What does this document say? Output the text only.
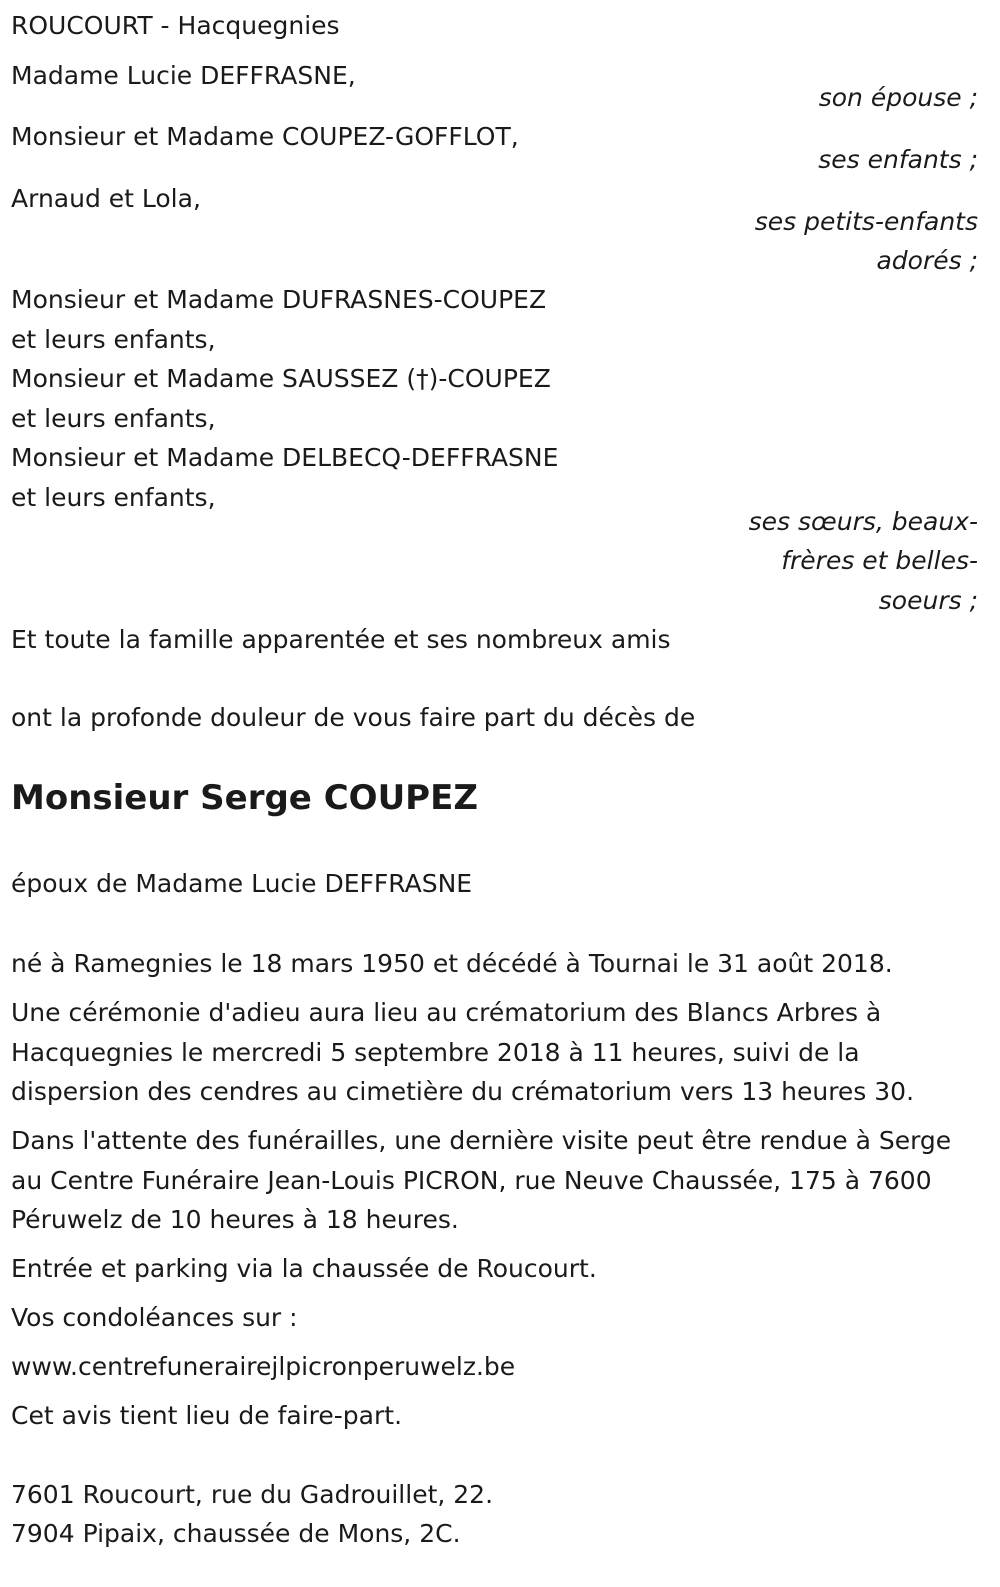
ROUCOURT - Hacquegnies
Madame Lucie DEFFRASNE,
son épouse ;
Monsieur et Madame COUPEZ-GOFFLOT,
ses enfants ;
Arnaud et Lola,
ses petits-enfants
adorés ;
Monsieur et Madame DUFRASNES-COUPEZ
et leurs enfants,
Monsieur et Madame SAUSSEZ (†)-COUPEZ
et leurs enfants,
Monsieur et Madame DELBECQ-DEFFRASNE
et leurs enfants,
ses sœurs, beaux-
frères et belles-
soeurs ;
Et toute la famille apparentée et ses nombreux amis
ont la profonde douleur de vous faire part du décès de
Monsieur Serge COUPEZ
époux de Madame Lucie DEFFRASNE
né à Ramegnies le 18 mars 1950 et décédé à Tournai le 31 août 2018.
Une cérémonie d'adieu aura lieu au crématorium des Blancs Arbres à Hacquegnies le mercredi 5 septembre 2018 à 11 heures, suivi de la dispersion des cendres au cimetière du crématorium vers 13 heures 30.
Dans l'attente des funérailles, une dernière visite peut être rendue à Serge au Centre Funéraire Jean-Louis PICRON, rue Neuve Chaussée, 175 à 7600 Péruwelz de 10 heures à 18 heures.
Entrée et parking via la chaussée de Roucourt.
Vos condoléances sur :
www.centrefunerairejlpicronperuwelz.be
Cet avis tient lieu de faire-part.
7601 Roucourt, rue du Gadrouillet, 22.
7904 Pipaix, chaussée de Mons, 2C.
